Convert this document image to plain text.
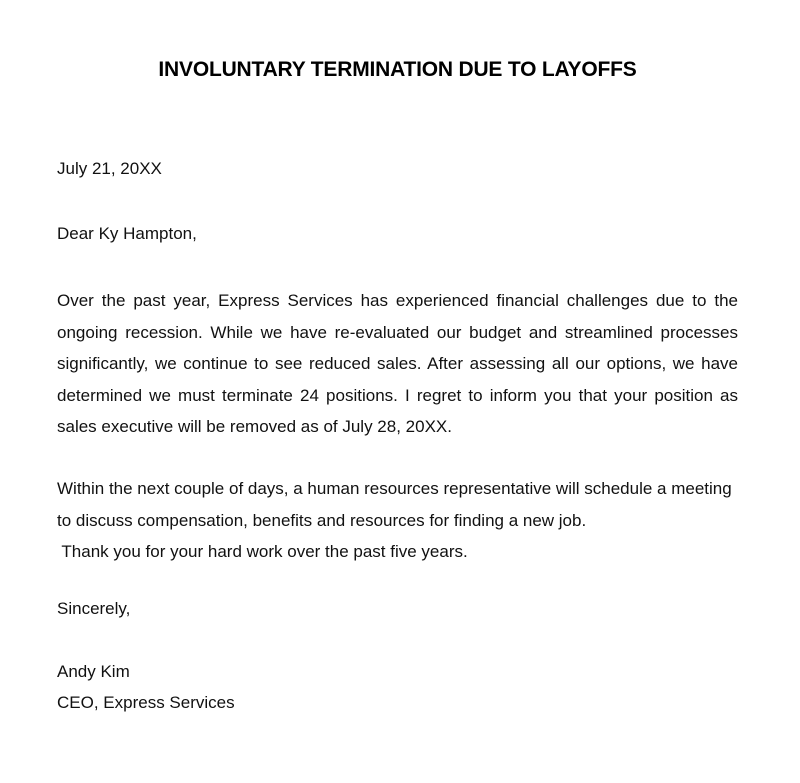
INVOLUNTARY TERMINATION DUE TO LAYOFFS

July 21, 20XX

Dear Ky Hampton,

Over the past year, Express Services has experienced financial challenges due to the ongoing recession. While we have re-evaluated our budget and streamlined processes significantly, we continue to see reduced sales. After assessing all our options, we have determined we must terminate 24 positions. I regret to inform you that your position as sales executive will be removed as of July 28, 20XX.

Within the next couple of days, a human resources representative will schedule a meeting to discuss compensation, benefits and resources for finding a new job.
Thank you for your hard work over the past five years.

Sincerely,

Andy Kim

CEO, Express Services
